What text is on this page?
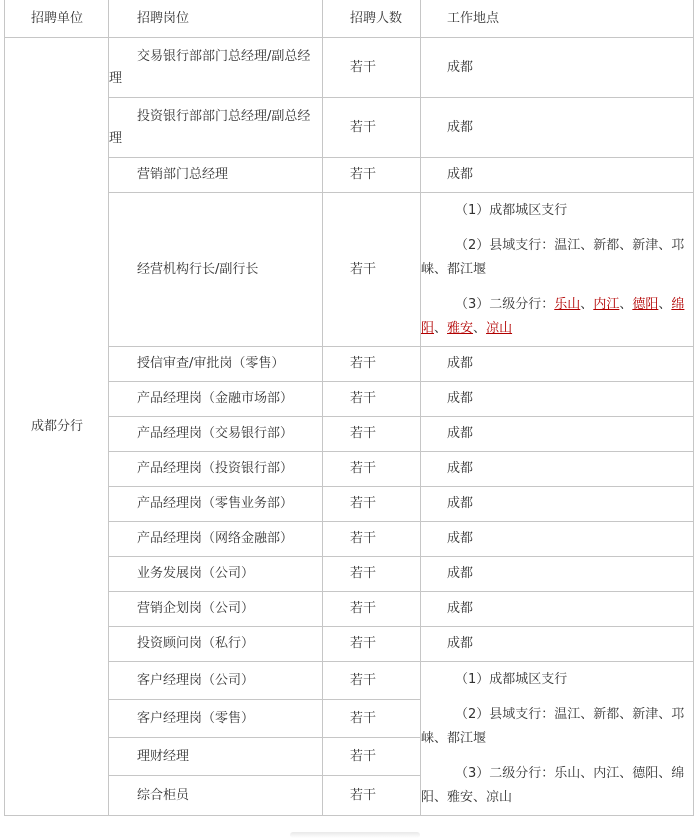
招聘单位	招聘岗位	招聘人数	工作地点
成都分行	交易银行部部门总经理/副总经理	若干	成都
	投资银行部部门总经理/副总经理	若干	成都
	营销部门总经理	若干	成都
	经营机构行长/副行长	若干	（1）成都城区支行

（2）县域支行：温江、新都、新津、邛崃、都江堰

（3）二级分行：乐山、内江、德阳、绵阳、雅安、凉山

	授信审查/审批岗（零售）	若干	成都
	产品经理岗（金融市场部）	若干	成都
	产品经理岗（交易银行部）	若干	成都
	产品经理岗（投资银行部）	若干	成都
	产品经理岗（零售业务部）	若干	成都
	产品经理岗（网络金融部）	若干	成都
	业务发展岗（公司）	若干	成都
	营销企划岗（公司）	若干	成都
	投资顾问岗（私行）	若干	成都
	客户经理岗（公司）	若干	（1）成都城区支行

（2）县域支行：温江、新都、新津、邛崃、都江堰

（3）二级分行：乐山、内江、德阳、绵阳、雅安、凉山

	客户经理岗（零售）	若干	
	理财经理	若干	
	综合柜员	若干	
